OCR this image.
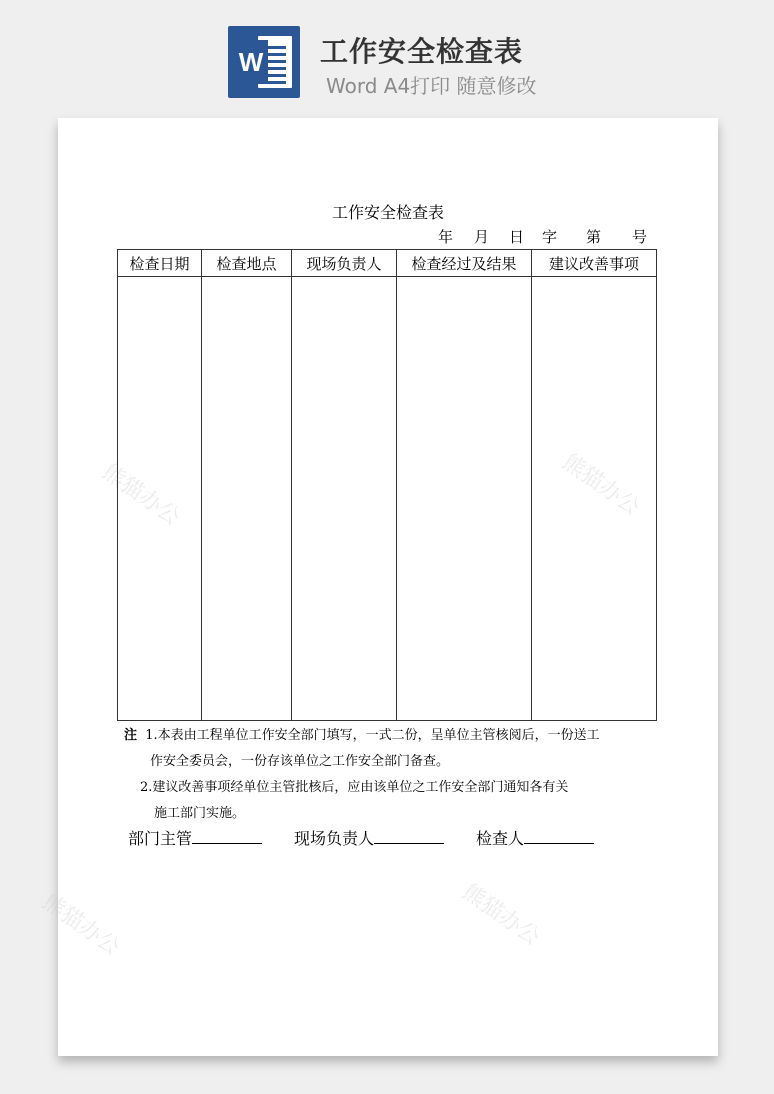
W 工作安全检查表
Word A4打印 随意修改
熊猫办公	熊猫办公
熊猫办公	熊猫办公
工作安全检查表
年 月 日 字 第 号
检查日期	检查地点	现场负责人	检查经过及结果	建议改善事项

注 1.本表由工程单位工作安全部门填写，一式二份，呈单位主管核阅后，一份送工
作安全委员会，一份存该单位之工作安全部门备查。
2.建议改善事项经单位主管批核后，应由该单位之工作安全部门通知各有关
施工部门实施。
部门主管	现场负责人	检查人
